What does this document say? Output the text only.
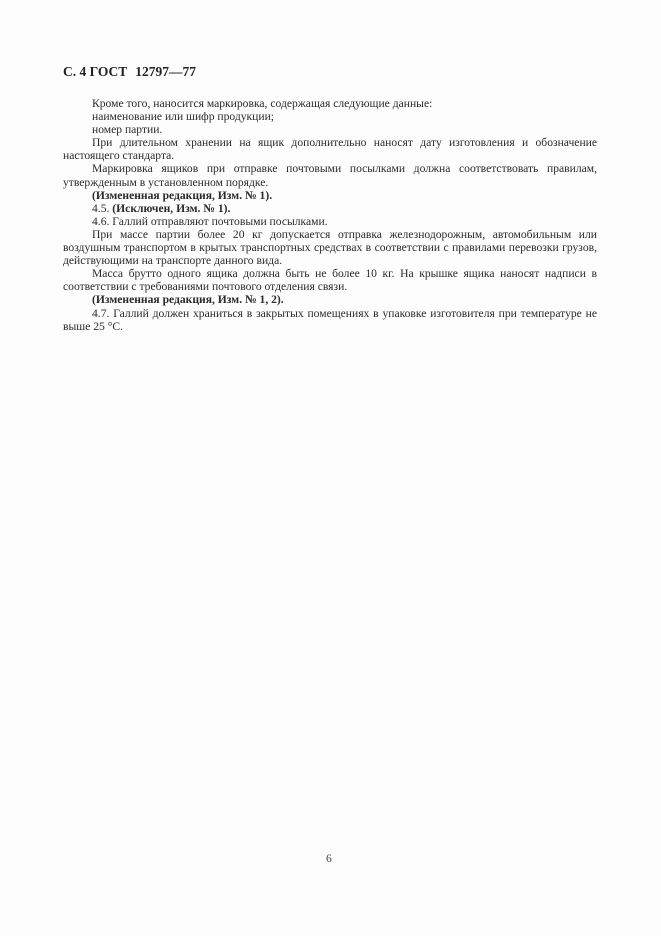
С. 4 ГОСТ 12797—77

Кроме того, наносится маркировка, содержащая следующие данные:

наименование или шифр продукции;

номер партии.

При длительном хранении на ящик дополнительно наносят дату изготовления и обозначение настоящего стандарта.

Маркировка ящиков при отправке почтовыми посылками должна соответствовать правилам, утвержденным в установленном порядке.

(Измененная редакция, Изм. № 1).

4.5. (Исключен, Изм. № 1).

4.6. Галлий отправляют почтовыми посылками.

При массе партии более 20 кг допускается отправка железнодорожным, автомобильным или воздушным транспортом в крытых транспортных средствах в соответствии с правилами перевозки грузов, действующими на транспорте данного вида.

Масса брутто одного ящика должна быть не более 10 кг. На крышке ящика наносят надписи в соответствии с требованиями почтового отделения связи.

(Измененная редакция, Изм. № 1, 2).

4.7. Галлий должен храниться в закрытых помещениях в упаковке изготовителя при температуре не выше 25 °C.

6
